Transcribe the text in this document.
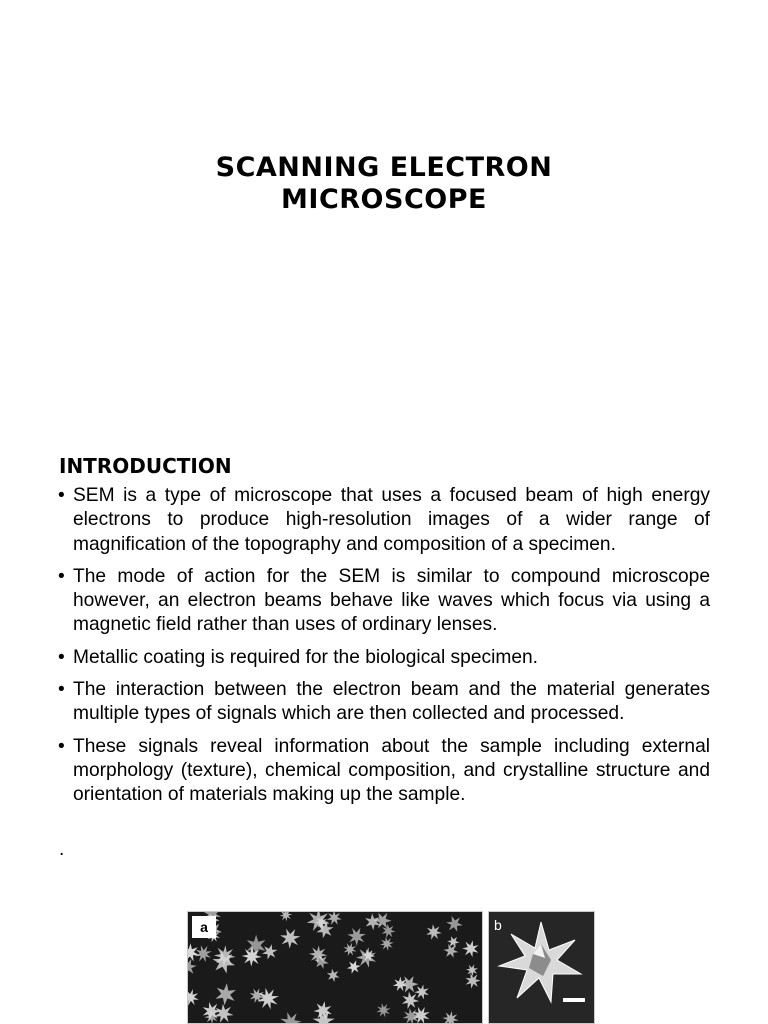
SCANNING ELECTRON
MICROSCOPE
INTRODUCTION
• SEM is a type of microscope that uses a focused beam of high energy electrons to produce high-resolution images of a wider range of magnification of the topography and composition of a specimen.
• The mode of action for the SEM is similar to compound microscope however, an electron beams behave like waves which focus via using a magnetic field rather than uses of ordinary lenses.
• Metallic coating is required for the biological specimen.
• The interaction between the electron beam and the material generates multiple types of signals which are then collected and processed.
• These signals reveal information about the sample including external morphology (texture), chemical composition, and crystalline structure and orientation of materials making up the sample.
.
a	b
